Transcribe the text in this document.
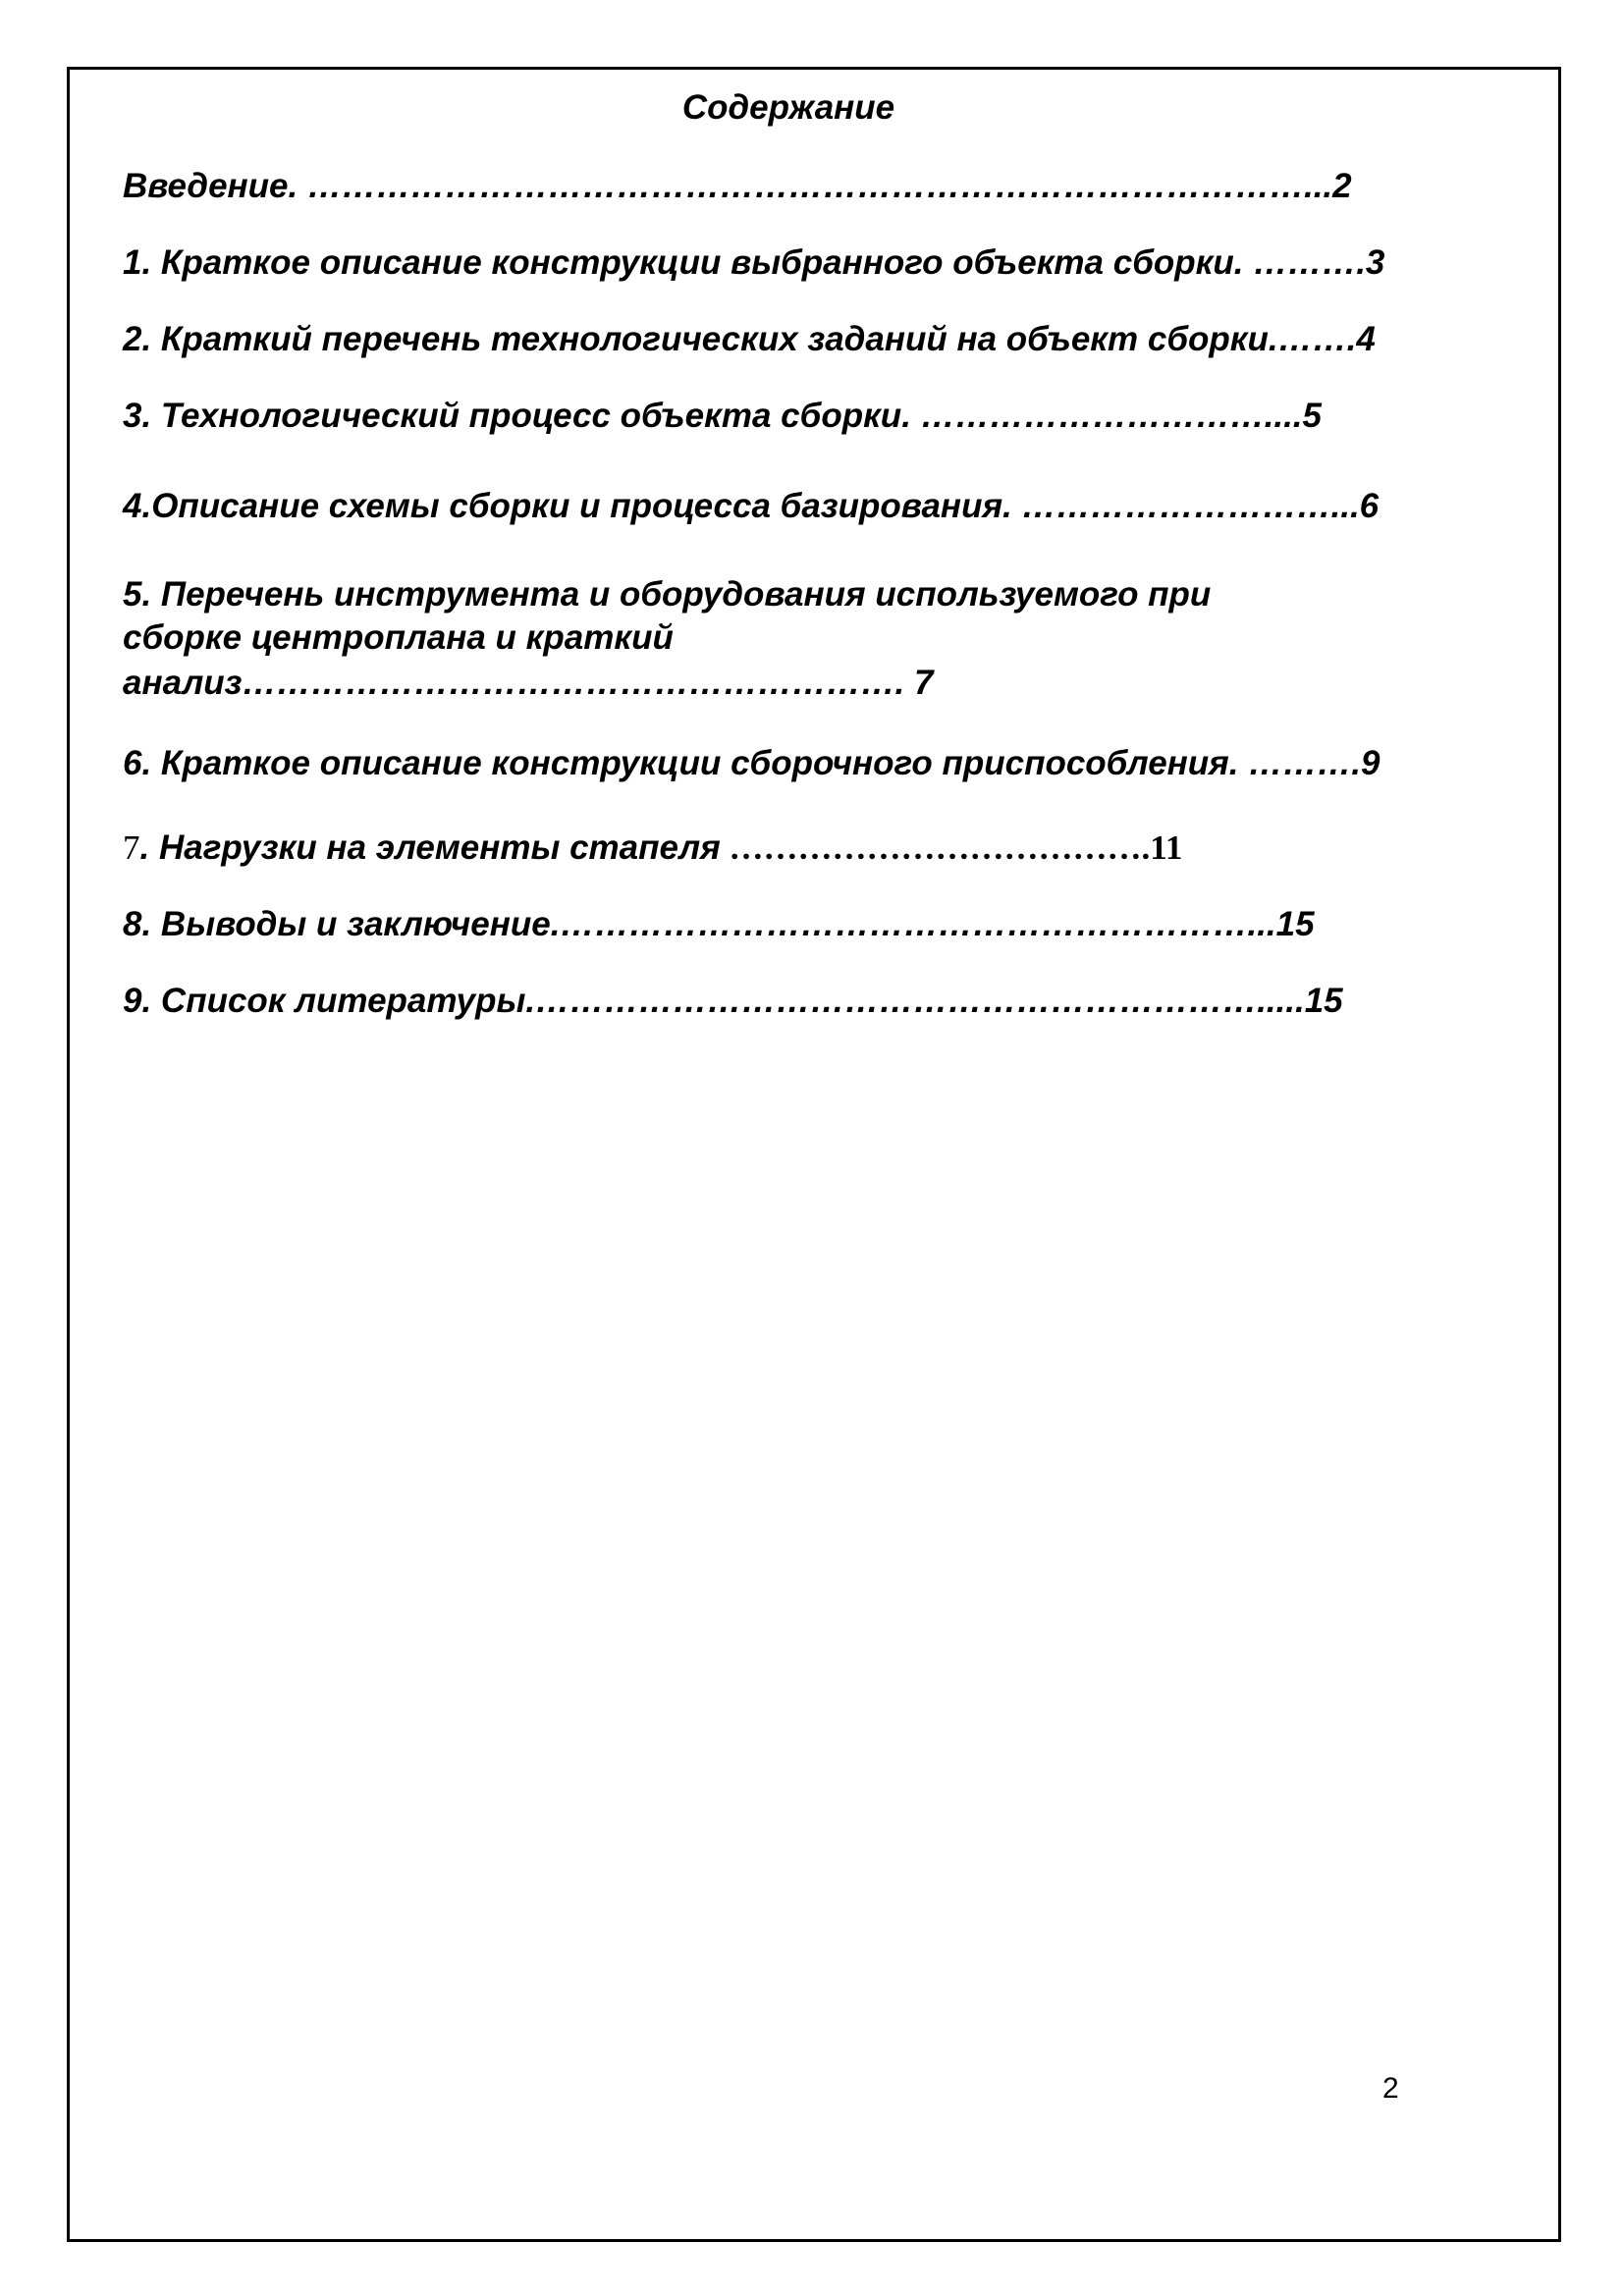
Содержание

Введение. ……………………………………………………………………………...2

1. Краткое описание конструкции выбранного объекта сборки. ……….3

2. Краткий перечень технологических заданий на объект сборки.…….4

3. Технологический процесс объекта сборки. …………………………....5

4.Описание схемы сборки и процесса базирования. ………………………...6

5. Перечень инструмента и оборудования используемого при

сборке центроплана и краткий

анализ…………………………………………………. 7

6. Краткое описание конструкции сборочного приспособления. ……….9

7. Нагрузки на элементы стапеля ……………………………….11

8. Выводы и заключение.……………………………………………………...15

9. Список литературы.……………………………………………………….....15

2
